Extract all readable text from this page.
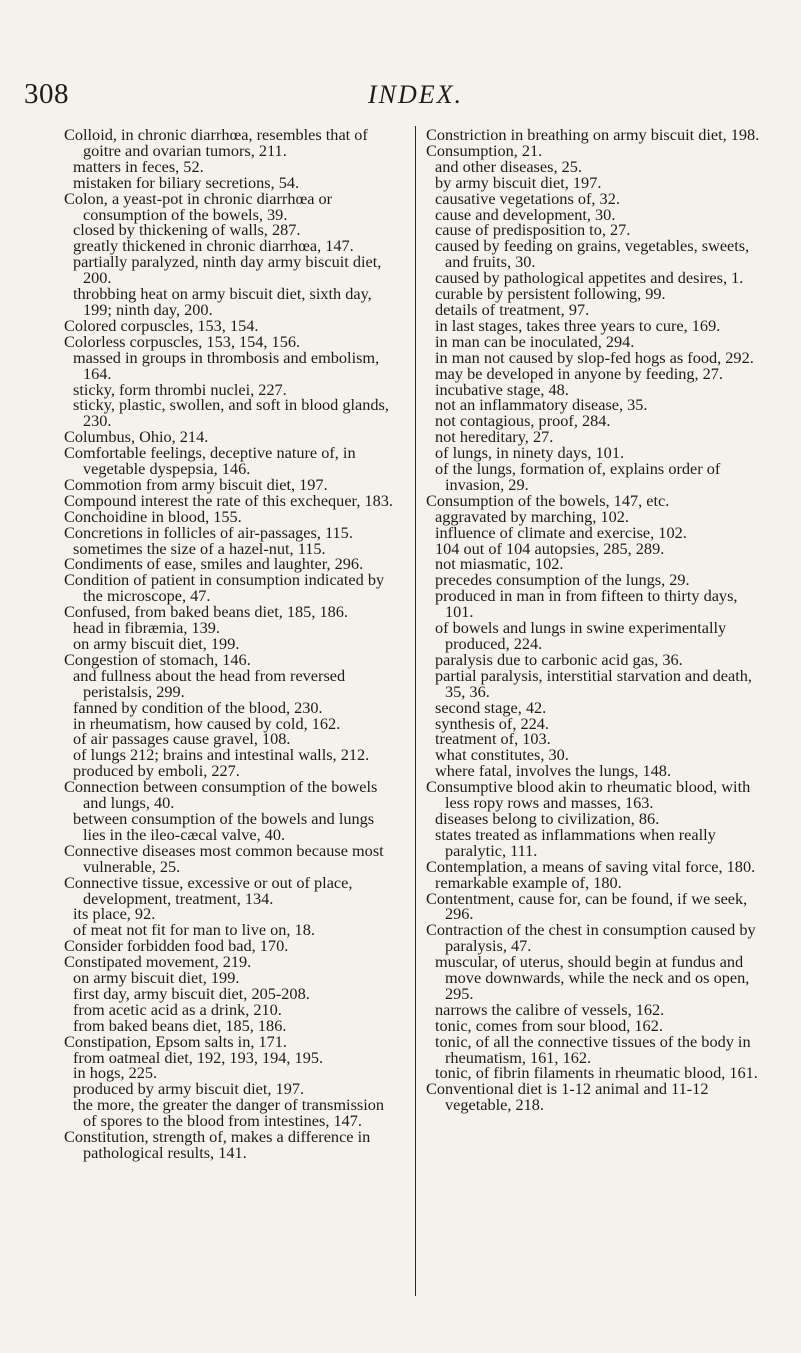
308	INDEX.

Colloid, in chronic diarrhœa, resembles that of goitre and ovarian tumors, 211.

matters in feces, 52.

mistaken for biliary secretions, 54.

Colon, a yeast-pot in chronic diarrhœa or consumption of the bowels, 39.

closed by thickening of walls, 287.

greatly thickened in chronic diarrhœa, 147.

partially paralyzed, ninth day army biscuit diet, 200.

throbbing heat on army biscuit diet, sixth day, 199; ninth day, 200.

Colored corpuscles, 153, 154.

Colorless corpuscles, 153, 154, 156.

massed in groups in thrombosis and embolism, 164.

sticky, form thrombi nuclei, 227.

sticky, plastic, swollen, and soft in blood glands, 230.

Columbus, Ohio, 214.

Comfortable feelings, deceptive nature of, in vegetable dyspepsia, 146.

Commotion from army biscuit diet, 197.

Compound interest the rate of this exchequer, 183.

Conchoidine in blood, 155.

Concretions in follicles of air-passages, 115.

sometimes the size of a hazel-nut, 115.

Condiments of ease, smiles and laughter, 296.

Condition of patient in consumption indicated by the microscope, 47.

Confused, from baked beans diet, 185, 186.

head in fibræmia, 139.

on army biscuit diet, 199.

Congestion of stomach, 146.

and fullness about the head from reversed peristalsis, 299.

fanned by condition of the blood, 230.

in rheumatism, how caused by cold, 162.

of air passages cause gravel, 108.

of lungs 212; brains and intestinal walls, 212.

produced by emboli, 227.

Connection between consumption of the bowels and lungs, 40.

between consumption of the bowels and lungs lies in the ileo-cæcal valve, 40.

Connective diseases most common because most vulnerable, 25.

Connective tissue, excessive or out of place, development, treatment, 134.

its place, 92.

of meat not fit for man to live on, 18.

Consider forbidden food bad, 170.

Constipated movement, 219.

on army biscuit diet, 199.

first day, army biscuit diet, 205-208.

from acetic acid as a drink, 210.

from baked beans diet, 185, 186.

Constipation, Epsom salts in, 171.

from oatmeal diet, 192, 193, 194, 195.

in hogs, 225.

produced by army biscuit diet, 197.

the more, the greater the danger of transmission of spores to the blood from intestines, 147.

Constitution, strength of, makes a difference in pathological results, 141.

Constriction in breathing on army biscuit diet, 198.

Consumption, 21.

and other diseases, 25.

by army biscuit diet, 197.

causative vegetations of, 32.

cause and development, 30.

cause of predisposition to, 27.

caused by feeding on grains, vegetables, sweets, and fruits, 30.

caused by pathological appetites and desires, 1.

curable by persistent following, 99.

details of treatment, 97.

in last stages, takes three years to cure, 169.

in man can be inoculated, 294.

in man not caused by slop-fed hogs as food, 292.

may be developed in anyone by feeding, 27.

incubative stage, 48.

not an inflammatory disease, 35.

not contagious, proof, 284.

not hereditary, 27.

of lungs, in ninety days, 101.

of the lungs, formation of, explains order of invasion, 29.

Consumption of the bowels, 147, etc.

aggravated by marching, 102.

influence of climate and exercise, 102.

104 out of 104 autopsies, 285, 289.

not miasmatic, 102.

precedes consumption of the lungs, 29.

produced in man in from fifteen to thirty days, 101.

of bowels and lungs in swine experimentally produced, 224.

paralysis due to carbonic acid gas, 36.

partial paralysis, interstitial starvation and death, 35, 36.

second stage, 42.

synthesis of, 224.

treatment of, 103.

what constitutes, 30.

where fatal, involves the lungs, 148.

Consumptive blood akin to rheumatic blood, with less ropy rows and masses, 163.

diseases belong to civilization, 86.

states treated as inflammations when really paralytic, 111.

Contemplation, a means of saving vital force, 180.

remarkable example of, 180.

Contentment, cause for, can be found, if we seek, 296.

Contraction of the chest in consumption caused by paralysis, 47.

muscular, of uterus, should begin at fundus and move downwards, while the neck and os open, 295.

narrows the calibre of vessels, 162.

tonic, comes from sour blood, 162.

tonic, of all the connective tissues of the body in rheumatism, 161, 162.

tonic, of fibrin filaments in rheumatic blood, 161.

Conventional diet is 1-12 animal and 11-12 vegetable, 218.
